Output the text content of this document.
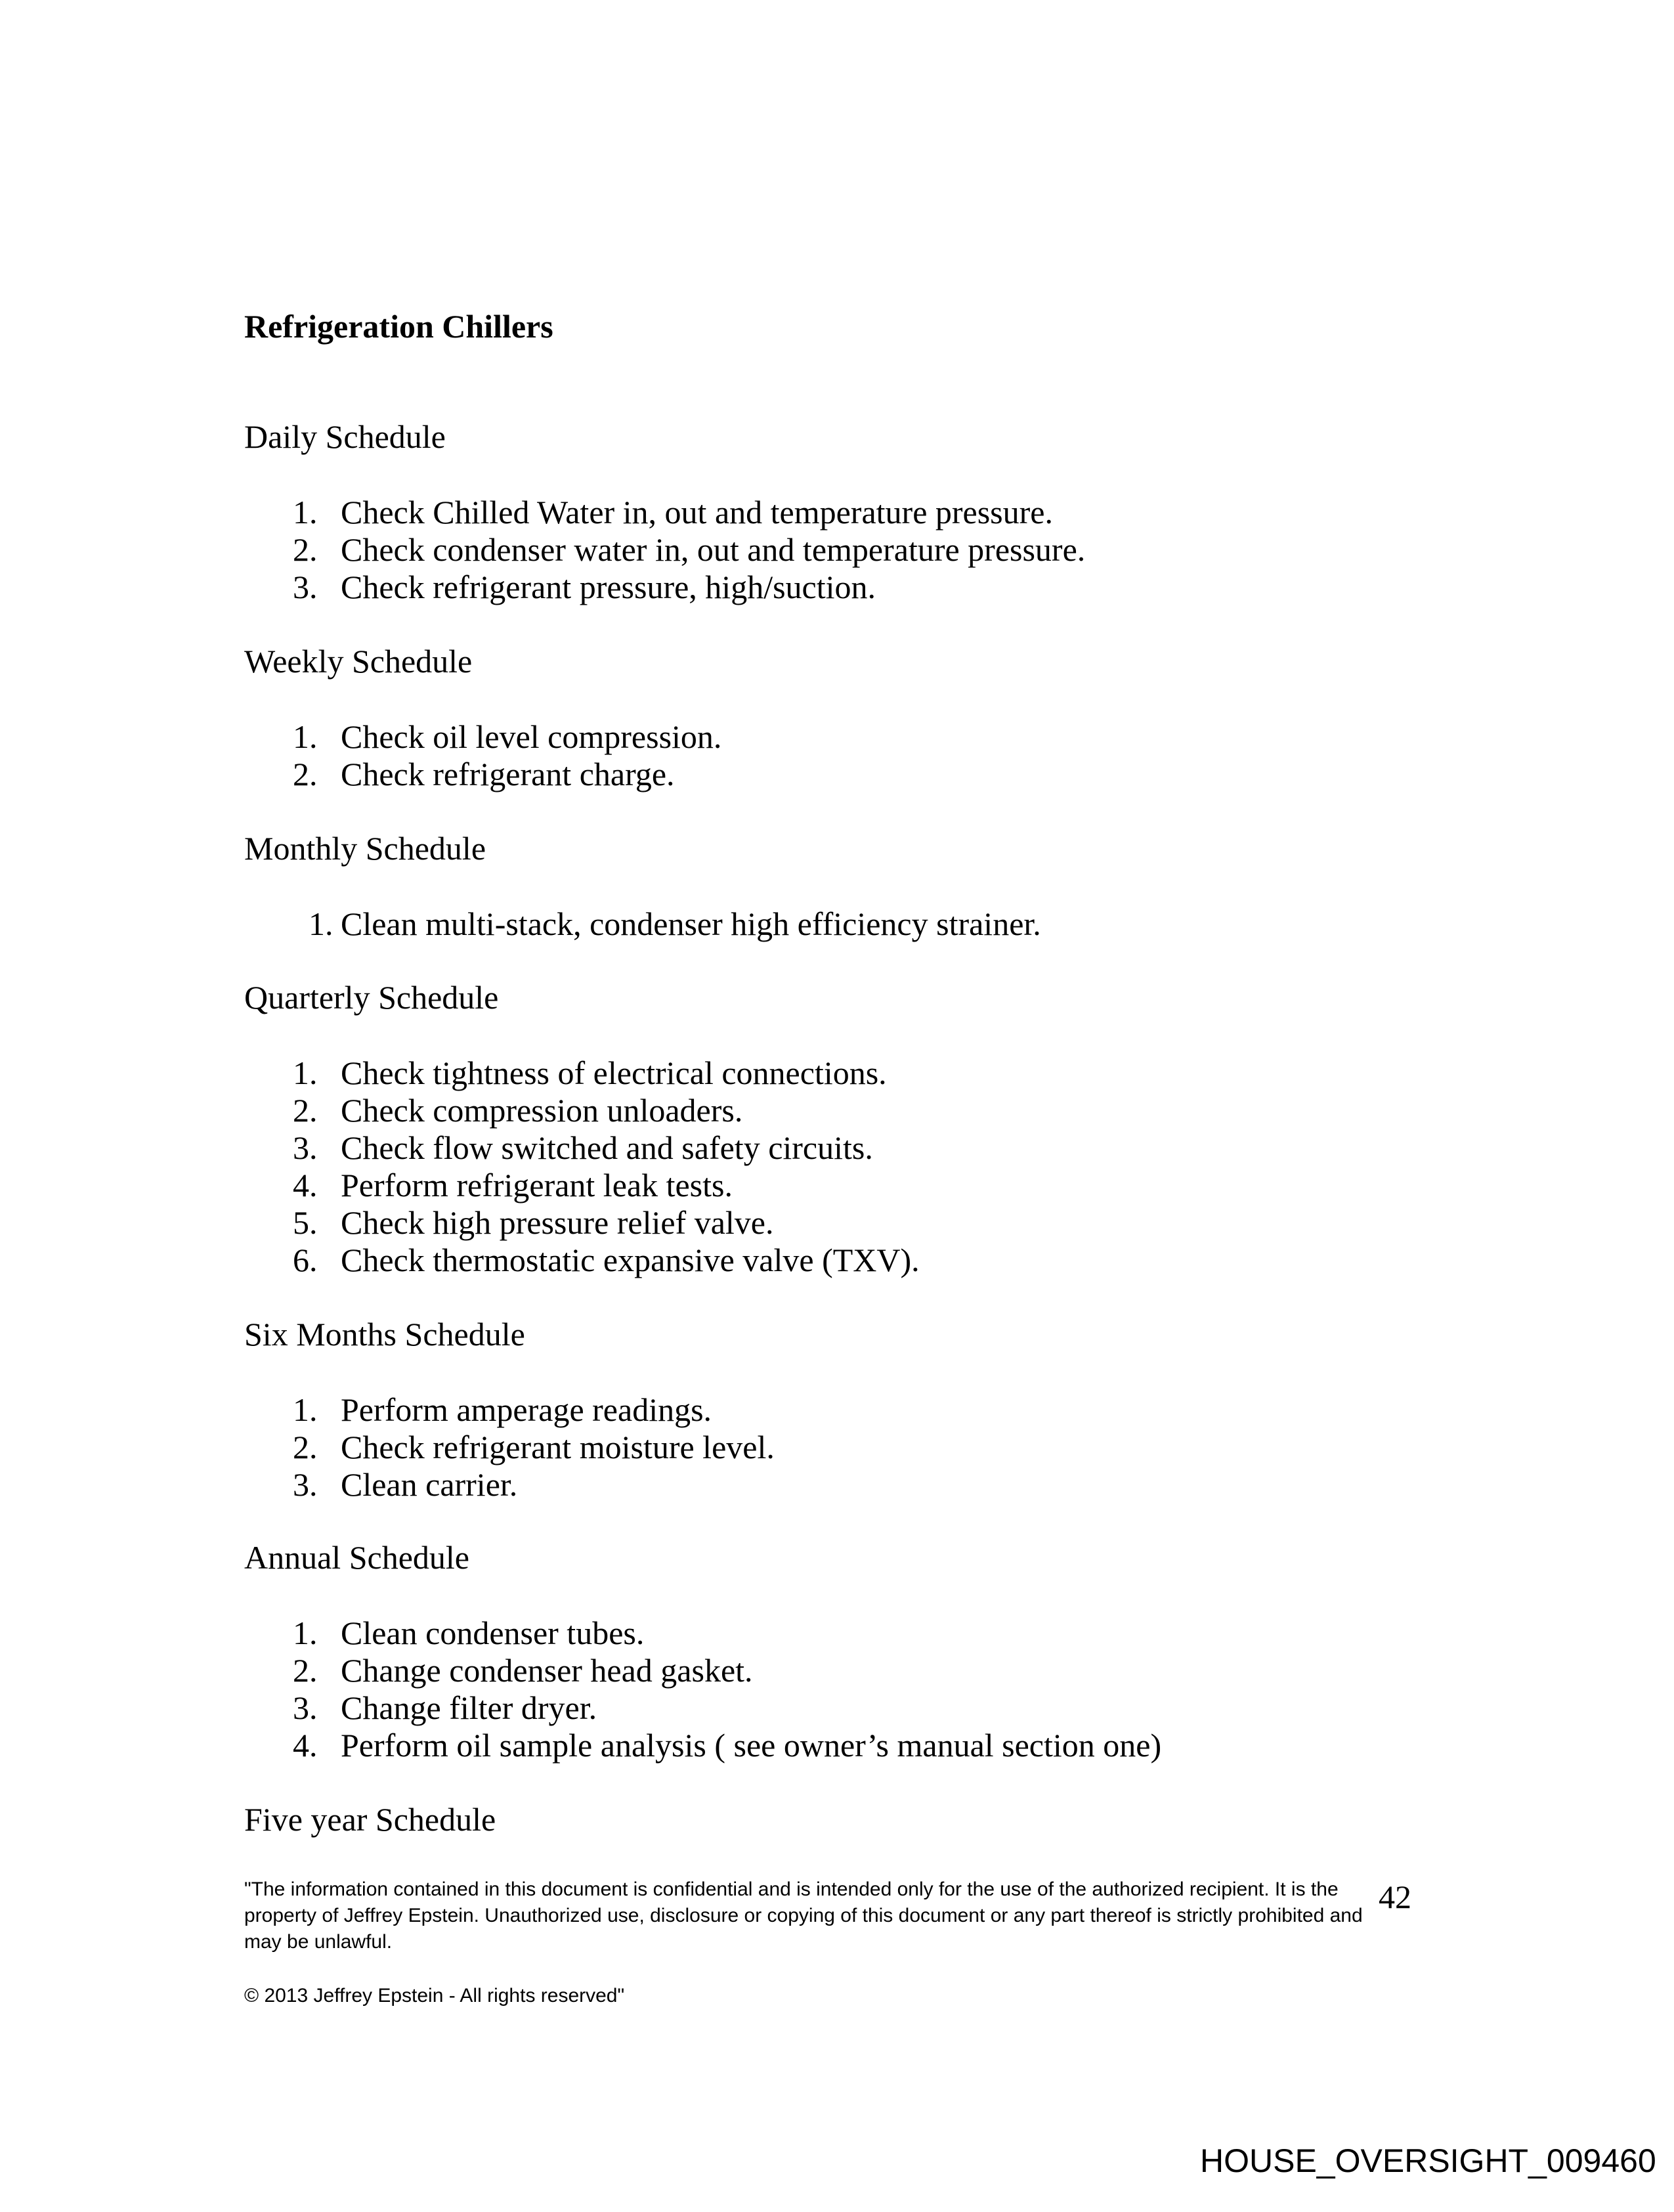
Refrigeration Chillers
Daily Schedule
1. Check Chilled Water in, out and temperature pressure.
2. Check condenser water in, out and temperature pressure.
3. Check refrigerant pressure, high/suction.
Weekly Schedule
1. Check oil level compression.
2. Check refrigerant charge.
Monthly Schedule
1. Clean multi-stack, condenser high efficiency strainer.
Quarterly Schedule
1. Check tightness of electrical connections.
2. Check compression unloaders.
3. Check flow switched and safety circuits.
4. Perform refrigerant leak tests.
5. Check high pressure relief valve.
6. Check thermostatic expansive valve (TXV).
Six Months Schedule
1. Perform amperage readings.
2. Check refrigerant moisture level.
3. Clean carrier.
Annual Schedule
1. Clean condenser tubes.
2. Change condenser head gasket.
3. Change filter dryer.
4. Perform oil sample analysis ( see owner’s manual section one)
Five year Schedule

"The information contained in this document is confidential and is intended only for the use of the authorized recipient. It is the property of Jeffrey Epstein. Unauthorized use, disclosure or copying of this document or any part thereof is strictly prohibited and may be unlawful.

© 2013 Jeffrey Epstein - All rights reserved"

42
HOUSE_OVERSIGHT_009460
